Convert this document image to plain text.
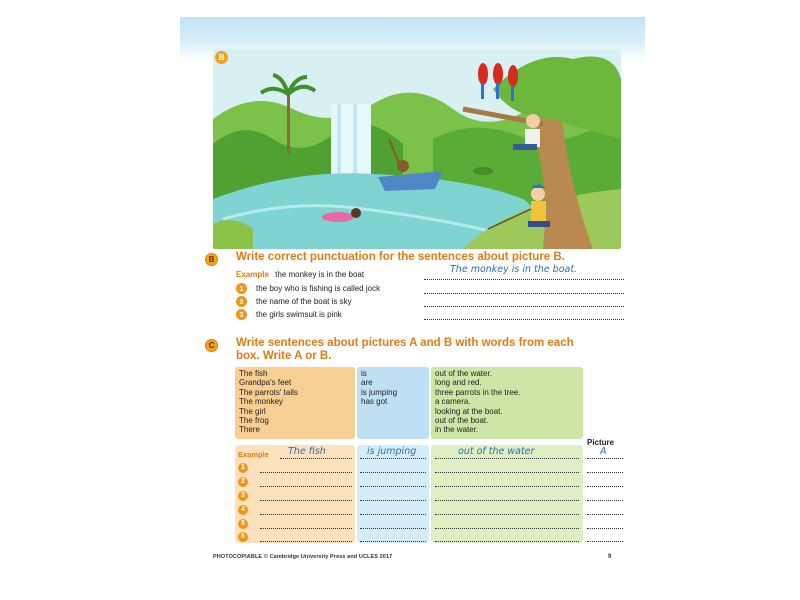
B
B	Write correct punctuation for the sentences about picture B.
Example the monkey is in the boat	The monkey is in the boat.
1 the boy who is fishing is called jock
2 the name of the boat is sky
3 the girls swimsuit is pink
C	Write sentences about pictures A and B with words from each
box. Write A or B.
The fish
Grandpa's feet
The parrots' tails
The monkey
The girl
The frog
There
is
are
is jumping
has got
out of the water.
long and red.
three parrots in the tree.
a camera.
looking at the boat.
out of the boat.
in the water.
Picture
Example The fish	is jumping	out of the water	A
1
2
3
4
5
6
PHOTOCOPIABLE © Cambridge University Press and UCLES 2017	9
